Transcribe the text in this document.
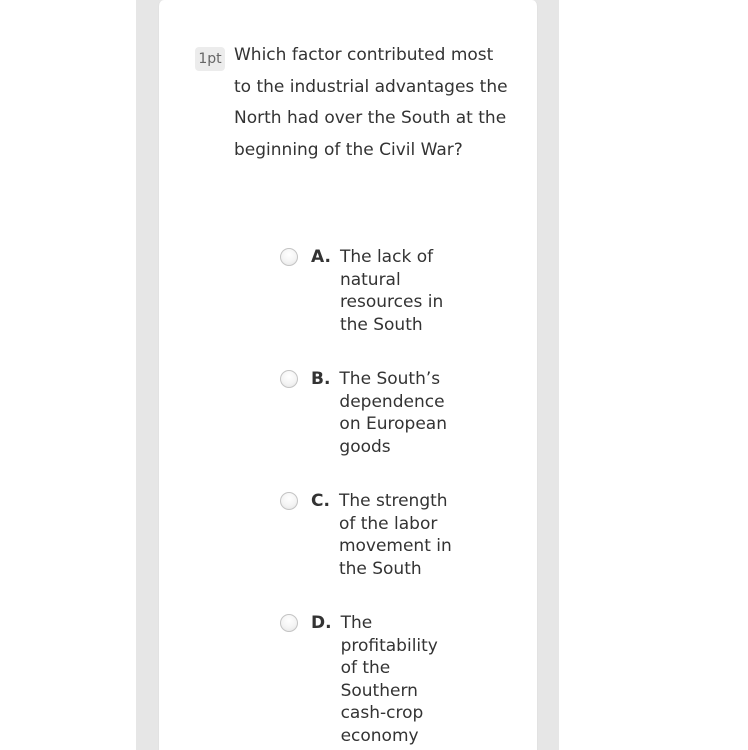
1pt Which factor contributed most to the industrial advantages the North had over the South at the beginning of the Civil War?

A. The lack of natural resources in the South
B. The South’s dependence on European goods
C. The strength of the labor movement in the South
D. The profitability of the Southern cash-crop economy
